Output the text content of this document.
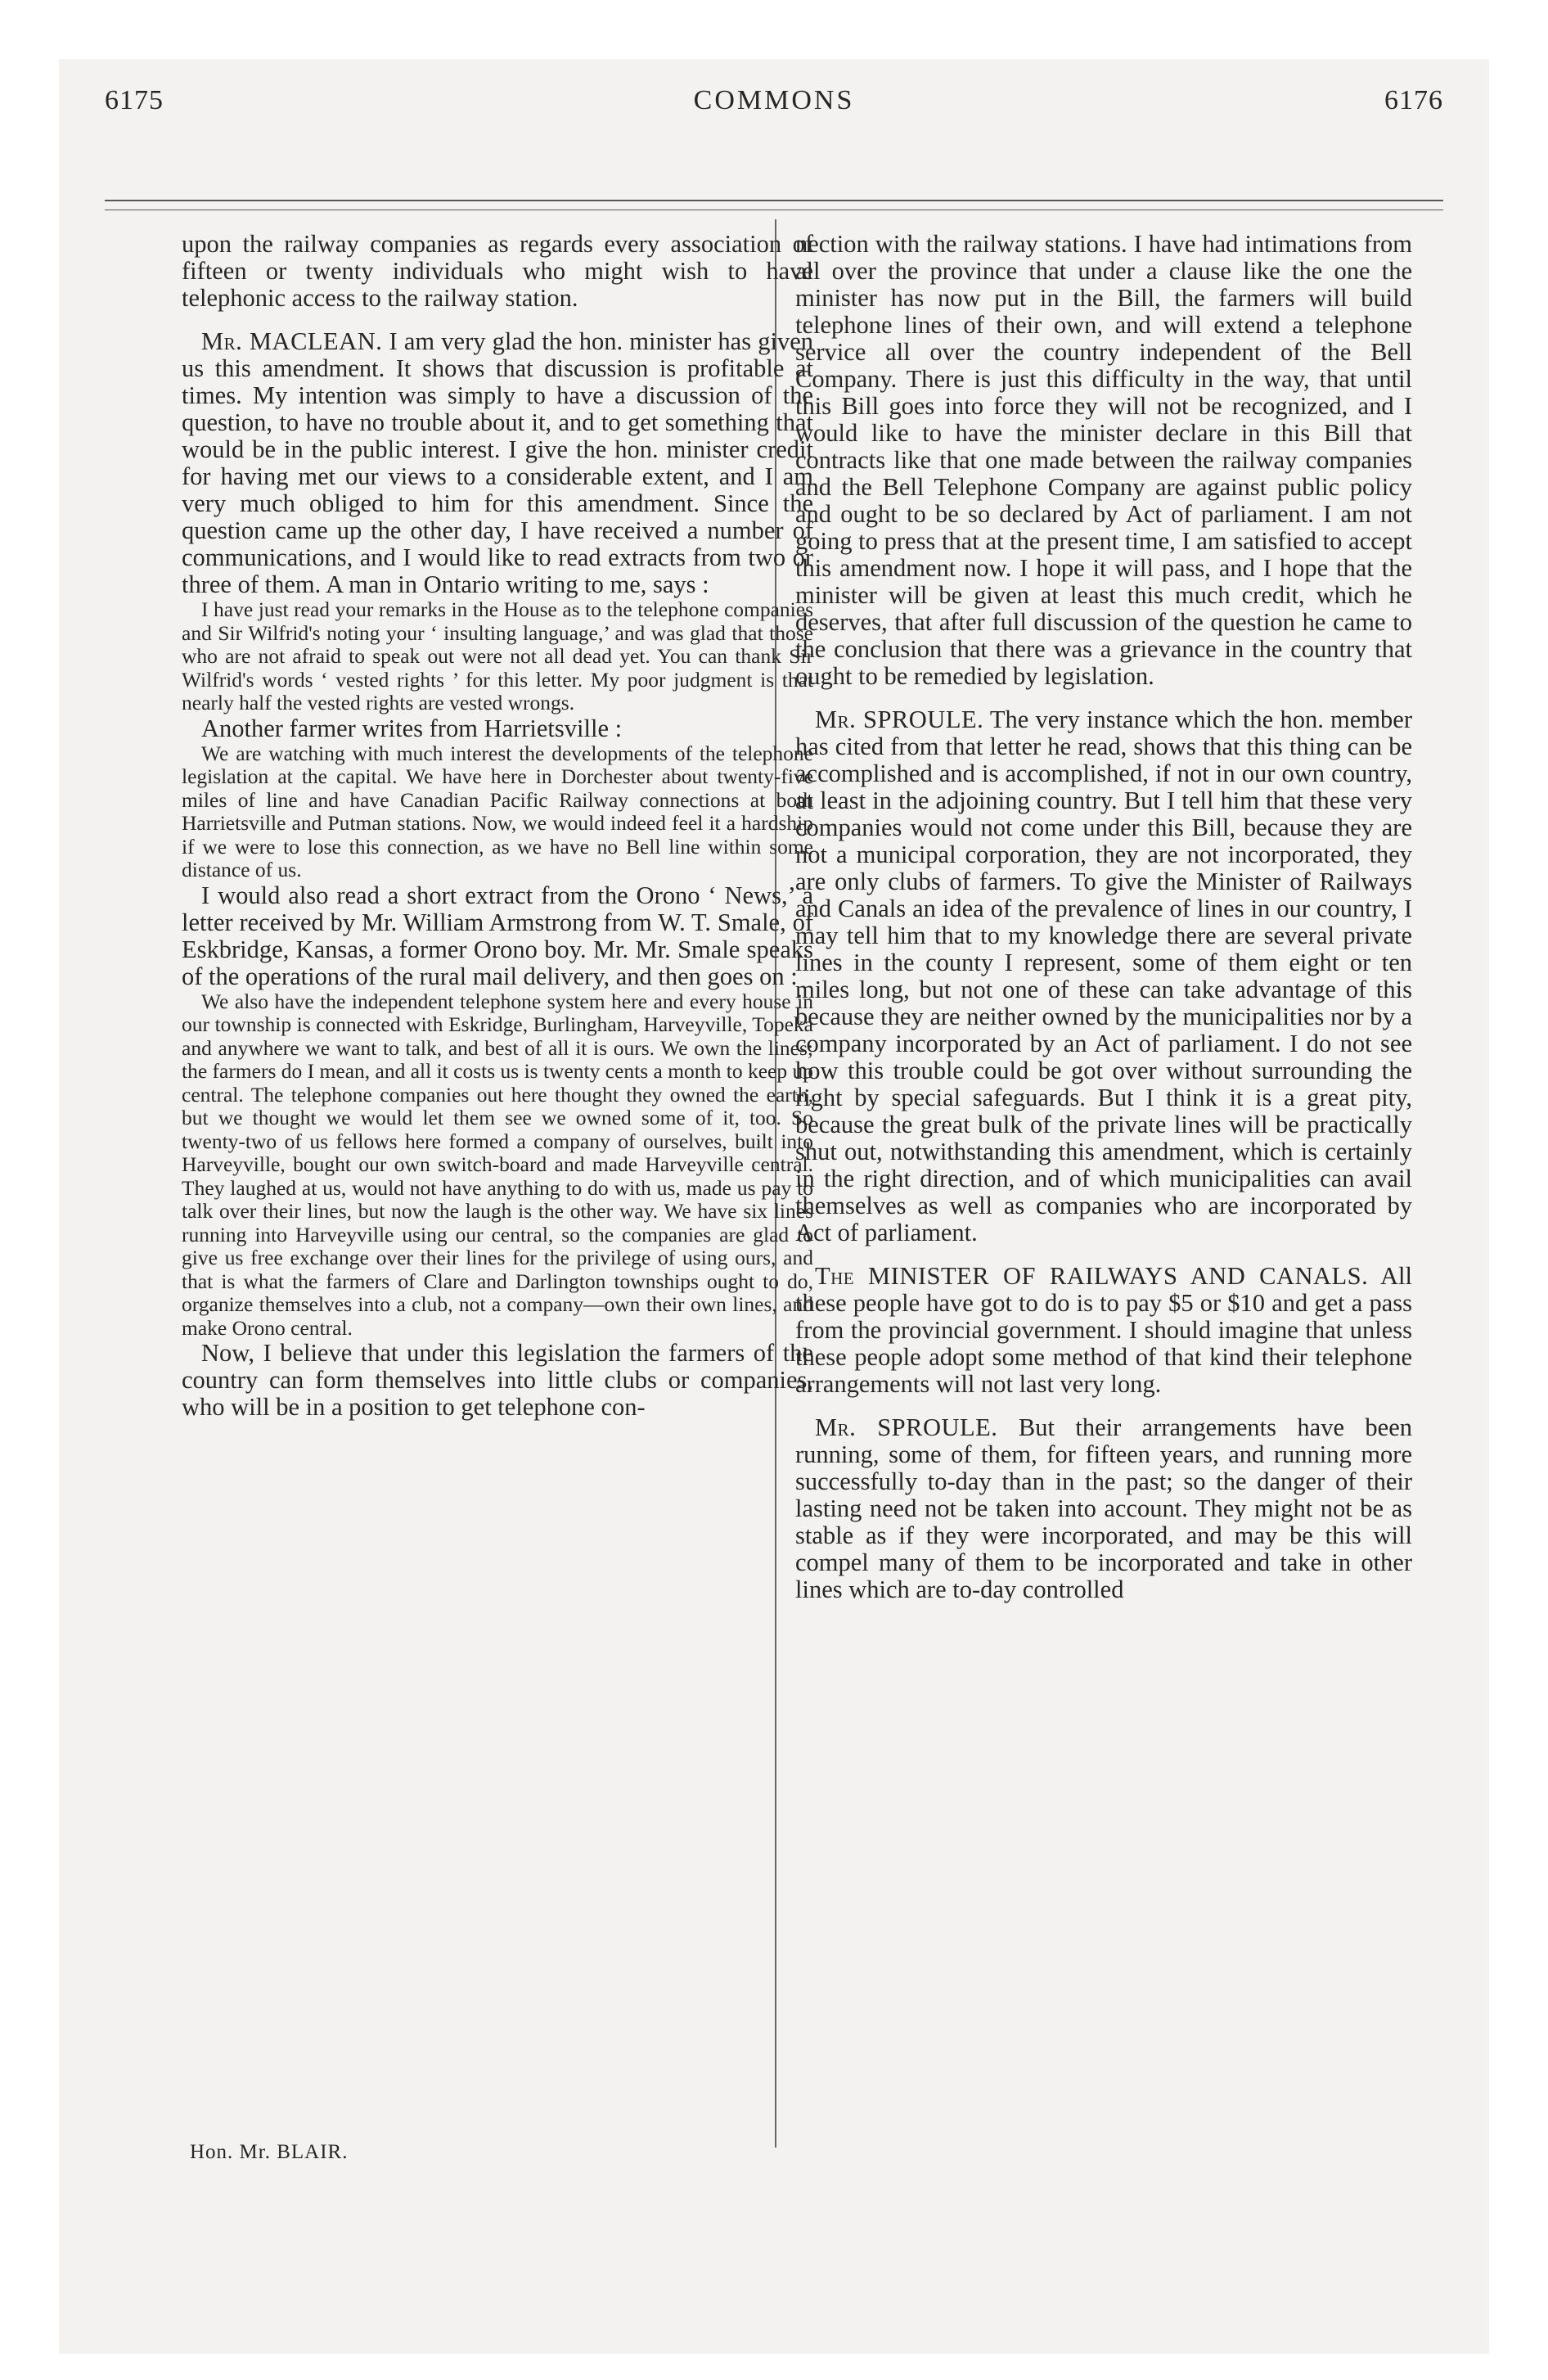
6175	COMMONS	6176

upon the railway companies as regards every association of fifteen or twenty individuals who might wish to have telephonic access to the railway station.

Mr. MACLEAN. I am very glad the hon. minister has given us this amendment. It shows that discussion is profitable at times. My intention was simply to have a discussion of the question, to have no trouble about it, and to get something that would be in the public interest. I give the hon. minister credit for having met our views to a considerable extent, and I am very much obliged to him for this amendment. Since the question came up the other day, I have received a number of communications, and I would like to read extracts from two or three of them. A man in Ontario writing to me, says :

I have just read your remarks in the House as to the telephone companies and Sir Wilfrid's noting your ‘ insulting language,’ and was glad that those who are not afraid to speak out were not all dead yet. You can thank Sir Wilfrid's words ‘ vested rights ’ for this letter. My poor judgment is that nearly half the vested rights are vested wrongs.

Another farmer writes from Harrietsville :

We are watching with much interest the developments of the telephone legislation at the capital. We have here in Dorchester about twenty-five miles of line and have Canadian Pacific Railway connections at both Harrietsville and Putman stations. Now, we would indeed feel it a hardship if we were to lose this connection, as we have no Bell line within some distance of us.

I would also read a short extract from the Orono ‘ News,’ a letter received by Mr. William Armstrong from W. T. Smale, of Eskbridge, Kansas, a former Orono boy. Mr. Mr. Smale speaks of the operations of the rural mail delivery, and then goes on :

We also have the independent telephone system here and every house in our township is connected with Eskridge, Burlingham, Harveyville, Topeka and anywhere we want to talk, and best of all it is ours. We own the lines; the farmers do I mean, and all it costs us is twenty cents a month to keep up central. The telephone companies out here thought they owned the earth, but we thought we would let them see we owned some of it, too. So twenty-two of us fellows here formed a company of ourselves, built into Harveyville, bought our own switch-board and made Harveyville central. They laughed at us, would not have anything to do with us, made us pay to talk over their lines, but now the laugh is the other way. We have six lines running into Harveyville using our central, so the companies are glad to give us free exchange over their lines for the privilege of using ours, and that is what the farmers of Clare and Darlington townships ought to do, organize themselves into a club, not a company—own their own lines, and make Orono central.

Now, I believe that under this legislation the farmers of the country can form themselves into little clubs or companies, who will be in a position to get telephone con-

nection with the railway stations. I have had intimations from all over the province that under a clause like the one the minister has now put in the Bill, the farmers will build telephone lines of their own, and will extend a telephone service all over the country independent of the Bell Company. There is just this difficulty in the way, that until this Bill goes into force they will not be recognized, and I would like to have the minister declare in this Bill that contracts like that one made between the railway companies and the Bell Telephone Company are against public policy and ought to be so declared by Act of parliament. I am not going to press that at the present time, I am satisfied to accept this amendment now. I hope it will pass, and I hope that the minister will be given at least this much credit, which he deserves, that after full discussion of the question he came to the conclusion that there was a grievance in the country that ought to be remedied by legislation.

Mr. SPROULE. The very instance which the hon. member has cited from that letter he read, shows that this thing can be accomplished and is accomplished, if not in our own country, at least in the adjoining country. But I tell him that these very companies would not come under this Bill, because they are not a municipal corporation, they are not incorporated, they are only clubs of farmers. To give the Minister of Railways and Canals an idea of the prevalence of lines in our country, I may tell him that to my knowledge there are several private lines in the county I represent, some of them eight or ten miles long, but not one of these can take advantage of this because they are neither owned by the municipalities nor by a company incorporated by an Act of parliament. I do not see how this trouble could be got over without surrounding the right by special safeguards. But I think it is a great pity, because the great bulk of the private lines will be practically shut out, notwithstanding this amendment, which is certainly in the right direction, and of which municipalities can avail themselves as well as companies who are incorporated by Act of parliament.

The MINISTER OF RAILWAYS AND CANALS. All these people have got to do is to pay $5 or $10 and get a pass from the provincial government. I should imagine that unless these people adopt some method of that kind their telephone arrangements will not last very long.

Mr. SPROULE. But their arrangements have been running, some of them, for fifteen years, and running more successfully to-day than in the past; so the danger of their lasting need not be taken into account. They might not be as stable as if they were incorporated, and may be this will compel many of them to be incorporated and take in other lines which are to-day controlled

Hon. Mr. BLAIR.
